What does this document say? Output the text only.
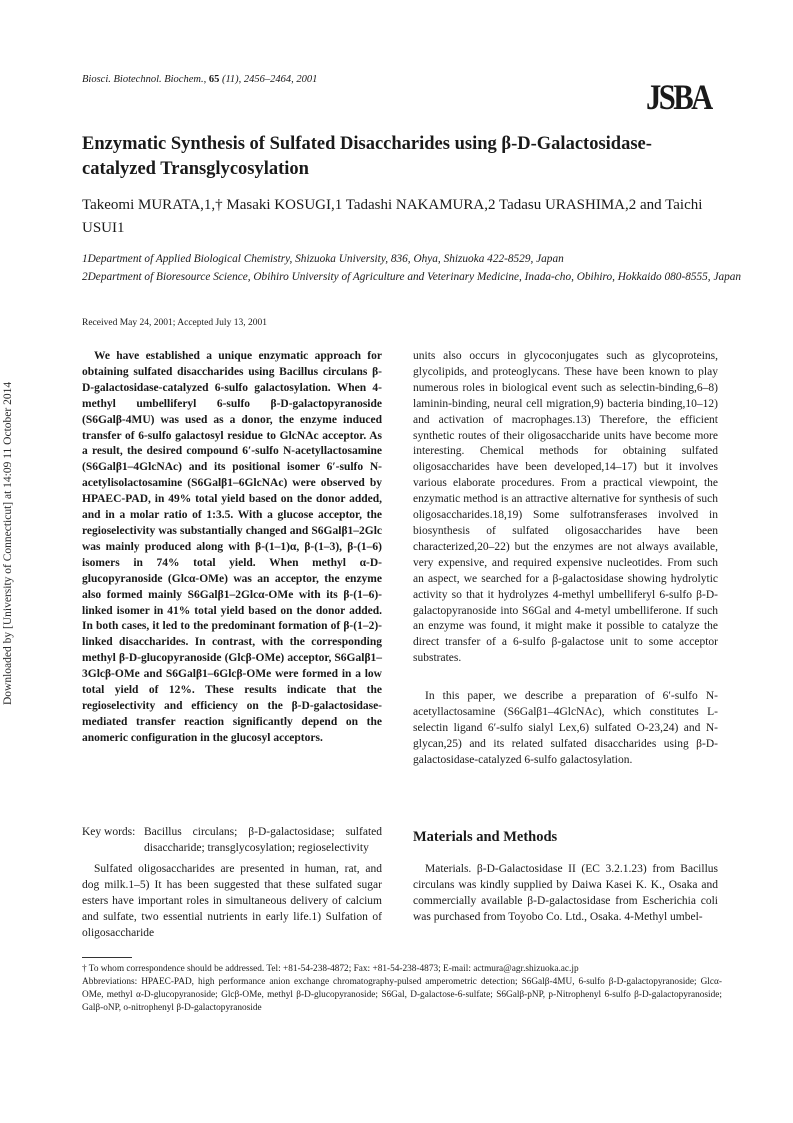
Biosci. Biotechnol. Biochem., 65 (11), 2456–2464, 2001	JSBA
Enzymatic Synthesis of Sulfated Disaccharides using β-D-Galactosidase-catalyzed Transglycosylation
Takeomi MURATA,1,† Masaki KOSUGI,1 Tadashi NAKAMURA,2 Tadasu URASHIMA,2 and Taichi USUI1

1Department of Applied Biological Chemistry, Shizuoka University, 836, Ohya, Shizuoka 422-8529, Japan

2Department of Bioresource Science, Obihiro University of Agriculture and Veterinary Medicine, Inada-cho, Obihiro, Hokkaido 080-8555, Japan

Received May 24, 2001; Accepted July 13, 2001
Downloaded by [University of Connecticut] at 14:09 11 October 2014
We have established a unique enzymatic approach for obtaining sulfated disaccharides using Bacillus circulans β-D-galactosidase-catalyzed 6-sulfo galactosylation. When 4-methyl umbelliferyl 6-sulfo β-D-galactopyranoside (S6Galβ-4MU) was used as a donor, the enzyme induced transfer of 6-sulfo galactosyl residue to GlcNAc acceptor. As a result, the desired compound 6′-sulfo N-acetyllactosamine (S6Galβ1–4GlcNAc) and its positional isomer 6′-sulfo N-acetylisolactosamine (S6Galβ1–6GlcNAc) were observed by HPAEC-PAD, in 49% total yield based on the donor added, and in a molar ratio of 1:3.5. With a glucose acceptor, the regioselectivity was substantially changed and S6Galβ1–2Glc was mainly produced along with β-(1–1)α, β-(1–3), β-(1–6) isomers in 74% total yield. When methyl α-D-glucopyranoside (Glcα-OMe) was an acceptor, the enzyme also formed mainly S6Galβ1–2Glcα-OMe with its β-(1–6)-linked isomer in 41% total yield based on the donor added. In both cases, it led to the predominant formation of β-(1–2)-linked disaccharides. In contrast, with the corresponding methyl β-D-glucopyranoside (Glcβ-OMe) acceptor, S6Galβ1–3Glcβ-OMe and S6Galβ1–6Glcβ-OMe were formed in a low total yield of 12%. These results indicate that the regioselectivity and efficiency on the β-D-galactosidase-mediated transfer reaction significantly depend on the anomeric configuration in the glucosyl acceptors.
Key words: Bacillus circulans; β-D-galactosidase; sulfated disaccharide; transglycosylation; regioselectivity
Sulfated oligosaccharides are presented in human, rat, and dog milk.1–5) It has been suggested that these sulfated sugar esters have important roles in simultaneous delivery of calcium and sulfate, two essential nutrients in early life.1) Sulfation of oligosaccharide
units also occurs in glycoconjugates such as glycoproteins, glycolipids, and proteoglycans. These have been known to play numerous roles in biological event such as selectin-binding,6–8) laminin-binding, neural cell migration,9) bacteria binding,10–12) and activation of macrophages.13) Therefore, the efficient synthetic routes of their oligosaccharide units have become more interesting. Chemical methods for obtaining sulfated oligosaccharides have been developed,14–17) but it involves various elaborate procedures. From a practical viewpoint, the enzymatic method is an attractive alternative for synthesis of such oligosaccharides.18,19) Some sulfotransferases involved in biosynthesis of sulfated oligosaccharides have been characterized,20–22) but the enzymes are not always available, very expensive, and required expensive nucleotides. From such an aspect, we searched for a β-galactosidase showing hydrolytic activity so that it hydrolyzes 4-methyl umbelliferyl 6-sulfo β-D-galactopyranoside into S6Gal and 4-metyl umbelliferone. If such an enzyme was found, it might make it possible to catalyze the direct transfer of a 6-sulfo β-galactose unit to some acceptor substrates.
In this paper, we describe a preparation of 6′-sulfo N-acetyllactosamine (S6Galβ1–4GlcNAc), which constitutes L-selectin ligand 6′-sulfo sialyl Lex,6) sulfated O-23,24) and N-glycan,25) and its related sulfated disaccharides using β-D-galactosidase-catalyzed 6-sulfo galactosylation.
Materials and Methods
Materials. β-D-Galactosidase II (EC 3.2.1.23) from Bacillus circulans was kindly supplied by Daiwa Kasei K. K., Osaka and commercially available β-D-galactosidase from Escherichia coli was purchased from Toyobo Co. Ltd., Osaka. 4-Methyl umbel-

† To whom correspondence should be addressed. Tel: +81-54-238-4872; Fax: +81-54-238-4873; E-mail: actmura@agr.shizuoka.ac.jp

Abbreviations: HPAEC-PAD, high performance anion exchange chromatography-pulsed amperometric detection; S6Galβ-4MU, 6-sulfo β-D-galactopyranoside; Glcα-OMe, methyl α-D-glucopyranoside; Glcβ-OMe, methyl β-D-glucopyranoside; S6Gal, D-galactose-6-sulfate; S6Galβ-pNP, p-Nitrophenyl 6-sulfo β-D-galactopyranoside; Galβ-oNP, o-nitrophenyl β-D-galactopyranoside
